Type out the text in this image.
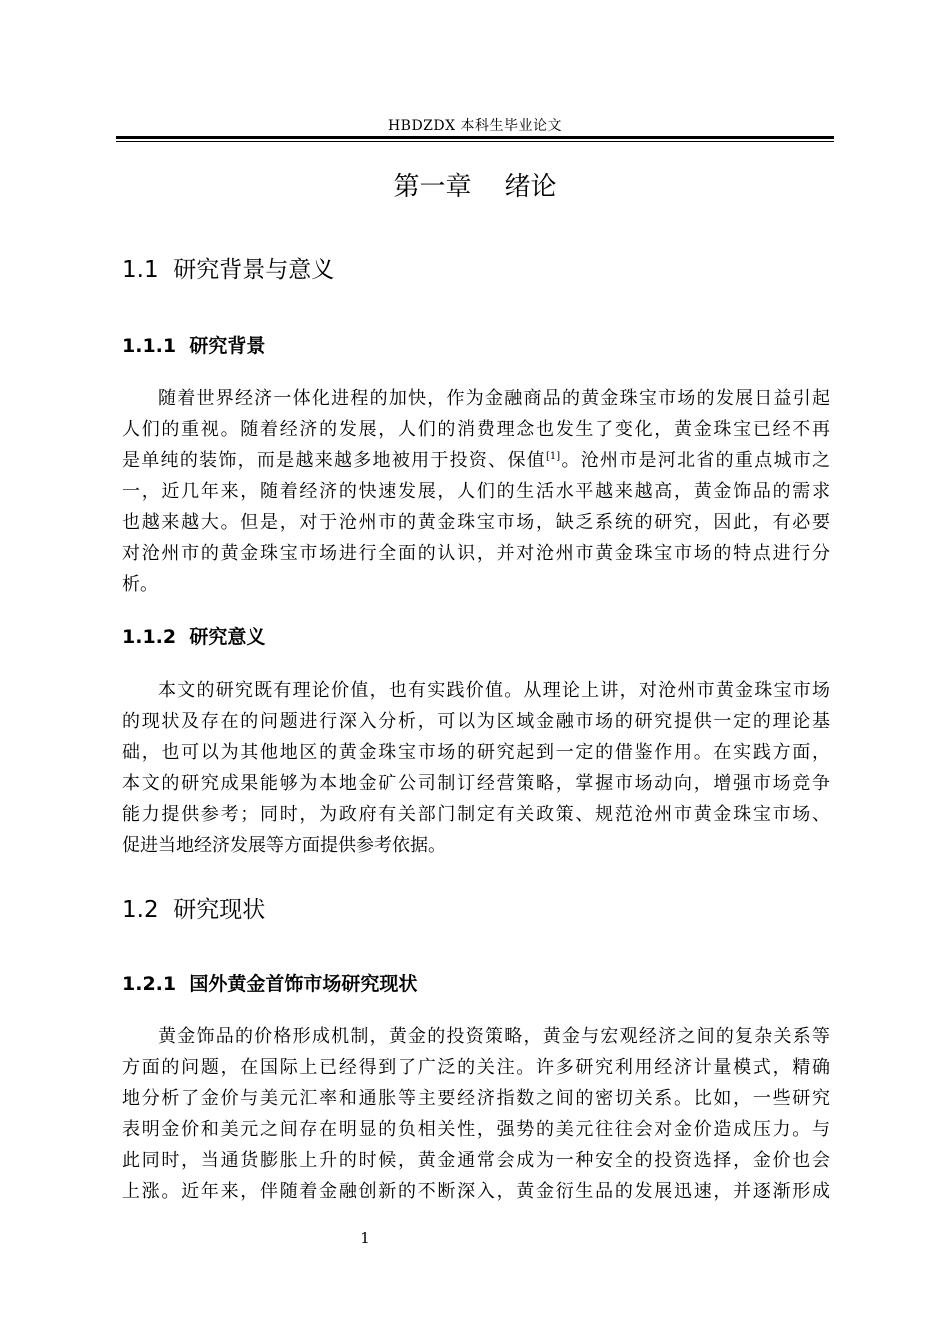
HBDZDX 本科生毕业论文
第一章    绪论
1.1  研究背景与意义
1.1.1  研究背景
随着世界经济一体化进程的加快，作为金融商品的黄金珠宝市场的发展日益引起
人们的重视。随着经济的发展，人们的消费理念也发生了变化，黄金珠宝已经不再
是单纯的装饰，而是越来越多地被用于投资、保值[1]。沧州市是河北省的重点城市之
一，近几年来，随着经济的快速发展，人们的生活水平越来越高，黄金饰品的需求
也越来越大。但是，对于沧州市的黄金珠宝市场，缺乏系统的研究，因此，有必要
对沧州市的黄金珠宝市场进行全面的认识，并对沧州市黄金珠宝市场的特点进行分
析。
1.1.2  研究意义
本文的研究既有理论价值，也有实践价值。从理论上讲，对沧州市黄金珠宝市场
的现状及存在的问题进行深入分析，可以为区域金融市场的研究提供一定的理论基
础，也可以为其他地区的黄金珠宝市场的研究起到一定的借鉴作用。在实践方面，
本文的研究成果能够为本地金矿公司制订经营策略，掌握市场动向，增强市场竞争
能力提供参考；同时，为政府有关部门制定有关政策、规范沧州市黄金珠宝市场、
促进当地经济发展等方面提供参考依据。
1.2  研究现状
1.2.1  国外黄金首饰市场研究现状
黄金饰品的价格形成机制，黄金的投资策略，黄金与宏观经济之间的复杂关系等
方面的问题，在国际上已经得到了广泛的关注。许多研究利用经济计量模式，精确
地分析了金价与美元汇率和通胀等主要经济指数之间的密切关系。比如，一些研究
表明金价和美元之间存在明显的负相关性，强势的美元往往会对金价造成压力。与
此同时，当通货膨胀上升的时候，黄金通常会成为一种安全的投资选择，金价也会
上涨。近年来，伴随着金融创新的不断深入，黄金衍生品的发展迅速，并逐渐形成
1
